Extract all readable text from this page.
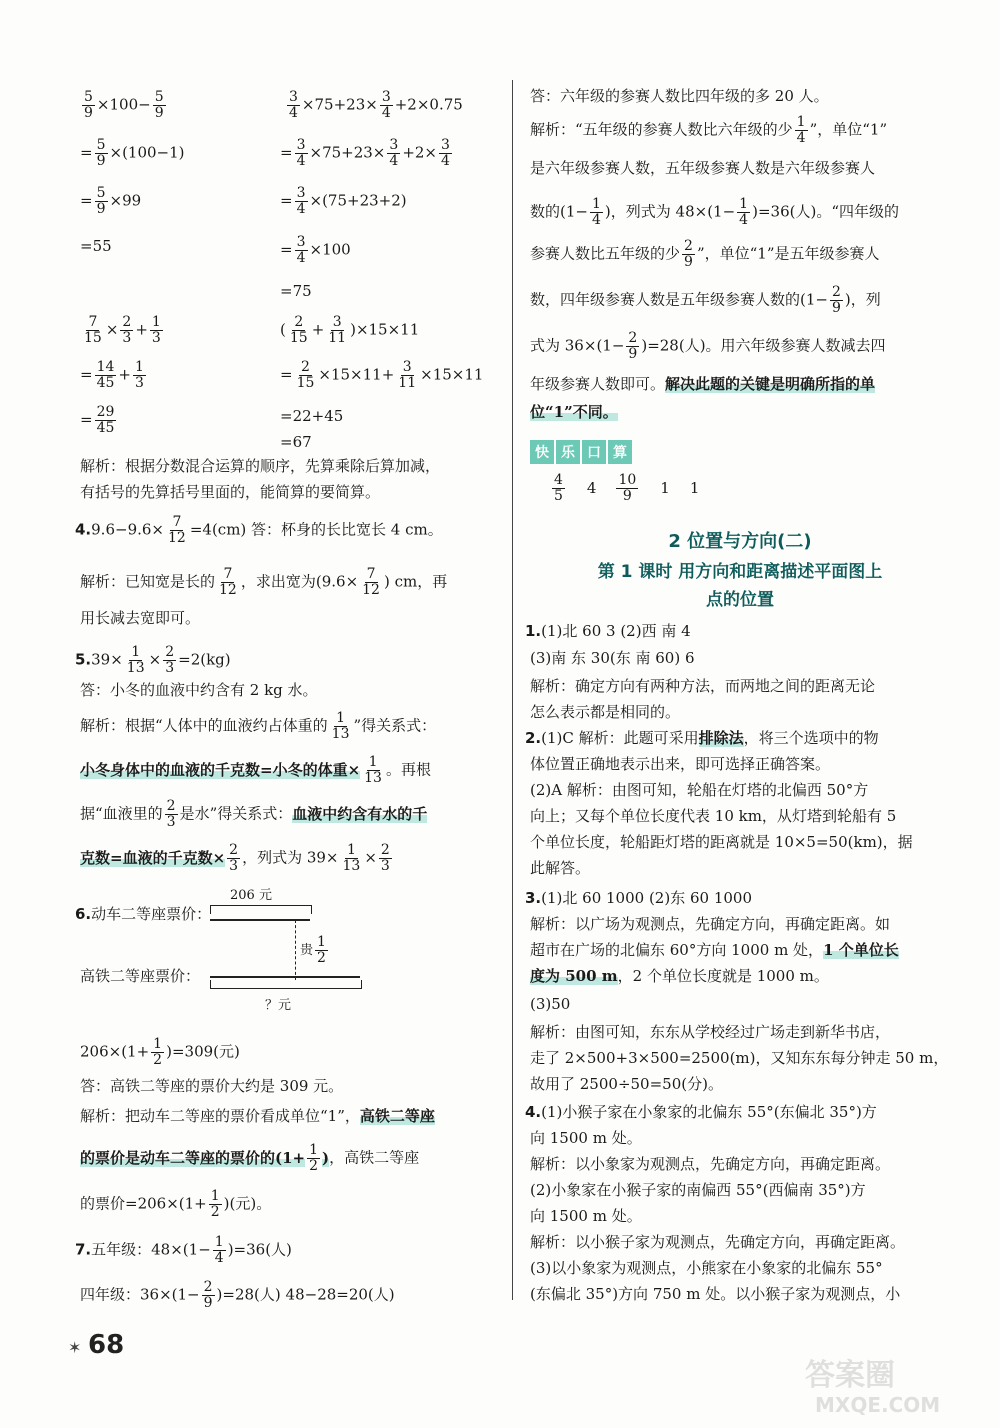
$\frac{5}{9} \times 100- \frac{5}{9}$
= $\frac{5}{9} \times(100-1)$
= $\frac{5}{9} \times 99$
=55
$\frac{3}{4} \times 75+23\times \frac{3}{4} +2\times 0.75$
= $\frac{3}{4} \times 75+23\times \frac{3}{4} +2\times \frac{3}{4}$
= $\frac{3}{4} \times(75+23+2)$
= $\frac{3}{4} \times 100$
=75
$\frac{7}{15} \times \frac{2}{3} + \frac{1}{3}$
= $\frac{14}{45} + \frac{1}{3}$
= $\frac{29}{45}$
( $\frac{2}{15} + \frac{3}{11} )\times 15\times 11$
= $\frac{2}{15} \times 15\times 11+ \frac{3}{11} \times 15\times 11$
=22+45
=67
解析：根据分数混合运算的顺序，先算乘除后算加减，
有括号的先算括号里面的，能简算的要简算。
$4.9.6-9.6\times \frac{7}{12} =4(cm)$ 答：杯身的长比宽长 4 cm。
解析：已知宽是长的 $\frac{7}{12}$ ，求出宽为($9.6\times \frac{7}{12}$ ) cm，再
用长减去宽即可。
$5.39\times \frac{1}{13} \times \frac{2}{3} =2(kg)$
答：小冬的血液中约含有 2 kg 水。
解析：根据“人体中的血液约占体重的 $\frac{1}{13}$ ”得关系式：
小冬身体中的血液的千克数=小冬的体重× $\frac{1}{13}$ 。再根
据“血液里的 $\frac{2}{3}$ 是水”得关系式：血液中约含有水的千
克数=血液的千克数× $\frac{2}{3}$ ，列式为 $39\times \frac{1}{13} \times \frac{2}{3}$
6.动车二等座票价：
206 元
贵 $\frac{1}{2}$
高铁二等座票价：
？元
$206\times(1+ \frac{1}{2} )=309$(元)
答：高铁二等座的票价大约是 309 元。
解析：把动车二等座的票价看成单位“1”，高铁二等座
的票价是动车二等座的票价的($1+ \frac{1}{2}$ )，高铁二等座
的票价$=206\times(1+ \frac{1}{2}$ )(元)。
7.五年级：$48\times(1- \frac{1}{4} )=36$(人)
四年级：$36\times(1- \frac{2}{9} )=28$(人) 48−28=20(人)
答：六年级的参赛人数比四年级的多 20 人。
解析：“五年级的参赛人数比六年级的少 $\frac{1}{4}$ ”，单位“1”
是六年级参赛人数，五年级参赛人数是六年级参赛人
数的($1- \frac{1}{4}$ )，列式为 $48\times(1- \frac{1}{4} )=36$(人)。“四年级的
参赛人数比五年级的少 $\frac{2}{9}$ ”，单位“1”是五年级参赛人
数，四年级参赛人数是五年级参赛人数的($1- \frac{2}{9}$ )，列
式为 $36\times(1- \frac{2}{9} )=28$(人)。用六年级参赛人数减去四
年级参赛人数即可。解决此题的关键是明确所指的单
位“1”不同。
快 乐 口 算
$\frac{4}{5} 4 \frac{10}{9} 1$ 1
2 位置与方向(二)
第 1 课时 用方向和距离描述平面图上
点的位置
1.(1)北 60 3 (2)西 南 4
(3)南 东 30(东 南 60) 6
解析：确定方向有两种方法，而两地之间的距离无论
怎么表示都是相同的。
2.(1)C 解析：此题可采用排除法，将三个选项中的物
体位置正确地表示出来，即可选择正确答案。
(2)A 解析：由图可知，轮船在灯塔的北偏西 50°方
向上；又每个单位长度代表 10 km，从灯塔到轮船有 5
个单位长度，轮船距灯塔的距离就是 10×5=50(km)，据
此解答。
3.(1)北 60 1000 (2)东 60 1000
解析：以广场为观测点，先确定方向，再确定距离。如
超市在广场的北偏东 60°方向 1000 m 处，1 个单位长
度为 500 m，2 个单位长度就是 1000 m。
(3)50
解析：由图可知，东东从学校经过广场走到新华书店，
走了 2×500+3×500=2500(m)，又知东东每分钟走 50 m，
故用了 2500÷50=50(分)。
4.(1)小猴子家在小象家的北偏东 55°(东偏北 35°)方
向 1500 m 处。
解析：以小象家为观测点，先确定方向，再确定距离。
(2)小象家在小猴子家的南偏西 55°(西偏南 35°)方
向 1500 m 处。
解析：以小猴子家为观测点，先确定方向，再确定距离。
(3)以小象家为观测点，小熊家在小象家的北偏东 55°
(东偏北 35°)方向 750 m 处。以小猴子家为观测点，小
✶ 68
答案圈
MXQE.COM
